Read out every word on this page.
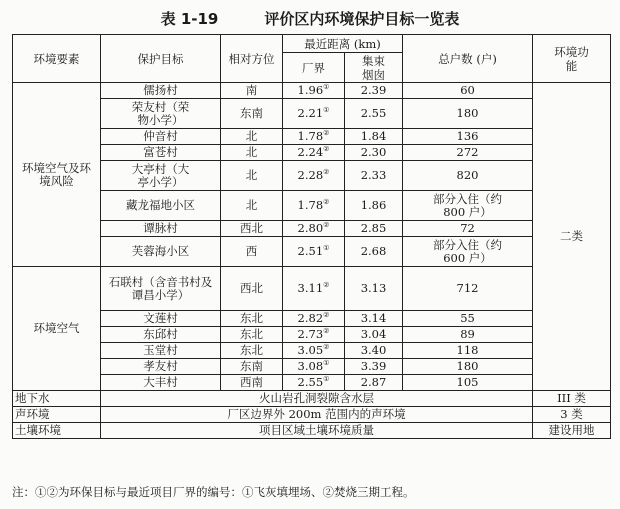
表 1-19	评价区内环境保护目标一览表
环境要素	保护目标	相对方位	最近距离 (km)		总户数 (户)	环境功能
			厂界	集束烟囱		
环境空气及环境风险	儒扬村	南	1.96①	2.39	60	二类
	荣友村（荣物小学）	东南	2.21①	2.55	180	
	仲音村	北	1.78②	1.84	136	
	富苍村	北	2.24②	2.30	272	
	大亭村（大亭小学）	北	2.28②	2.33	820	
	藏龙福地小区	北	1.78②	1.86	部分入住（约 800 户）	
	谭脉村	西北	2.80②	2.85	72	
	芙蓉海小区	西	2.51①	2.68	部分入住（约 600 户）	
环境空气	石联村（含音书村及谭昌小学）	西北	3.11②	3.13	712	
	文莲村	东北	2.82②	3.14	55	
	东邱村	东北	2.73②	3.04	89	
	玉堂村	东北	3.05②	3.40	118	
	孝友村	东南	3.08①	3.39	180	
	大丰村	西南	2.55①	2.87	105	
地下水	火山岩孔洞裂隙含水层					III 类
声环境	厂区边界外 200m 范围内的声环境					3 类
土壤环境	项目区域土壤环境质量					建设用地
注：①②为环保目标与最近项目厂界的编号：①飞灰填埋场、②焚烧三期工程。
